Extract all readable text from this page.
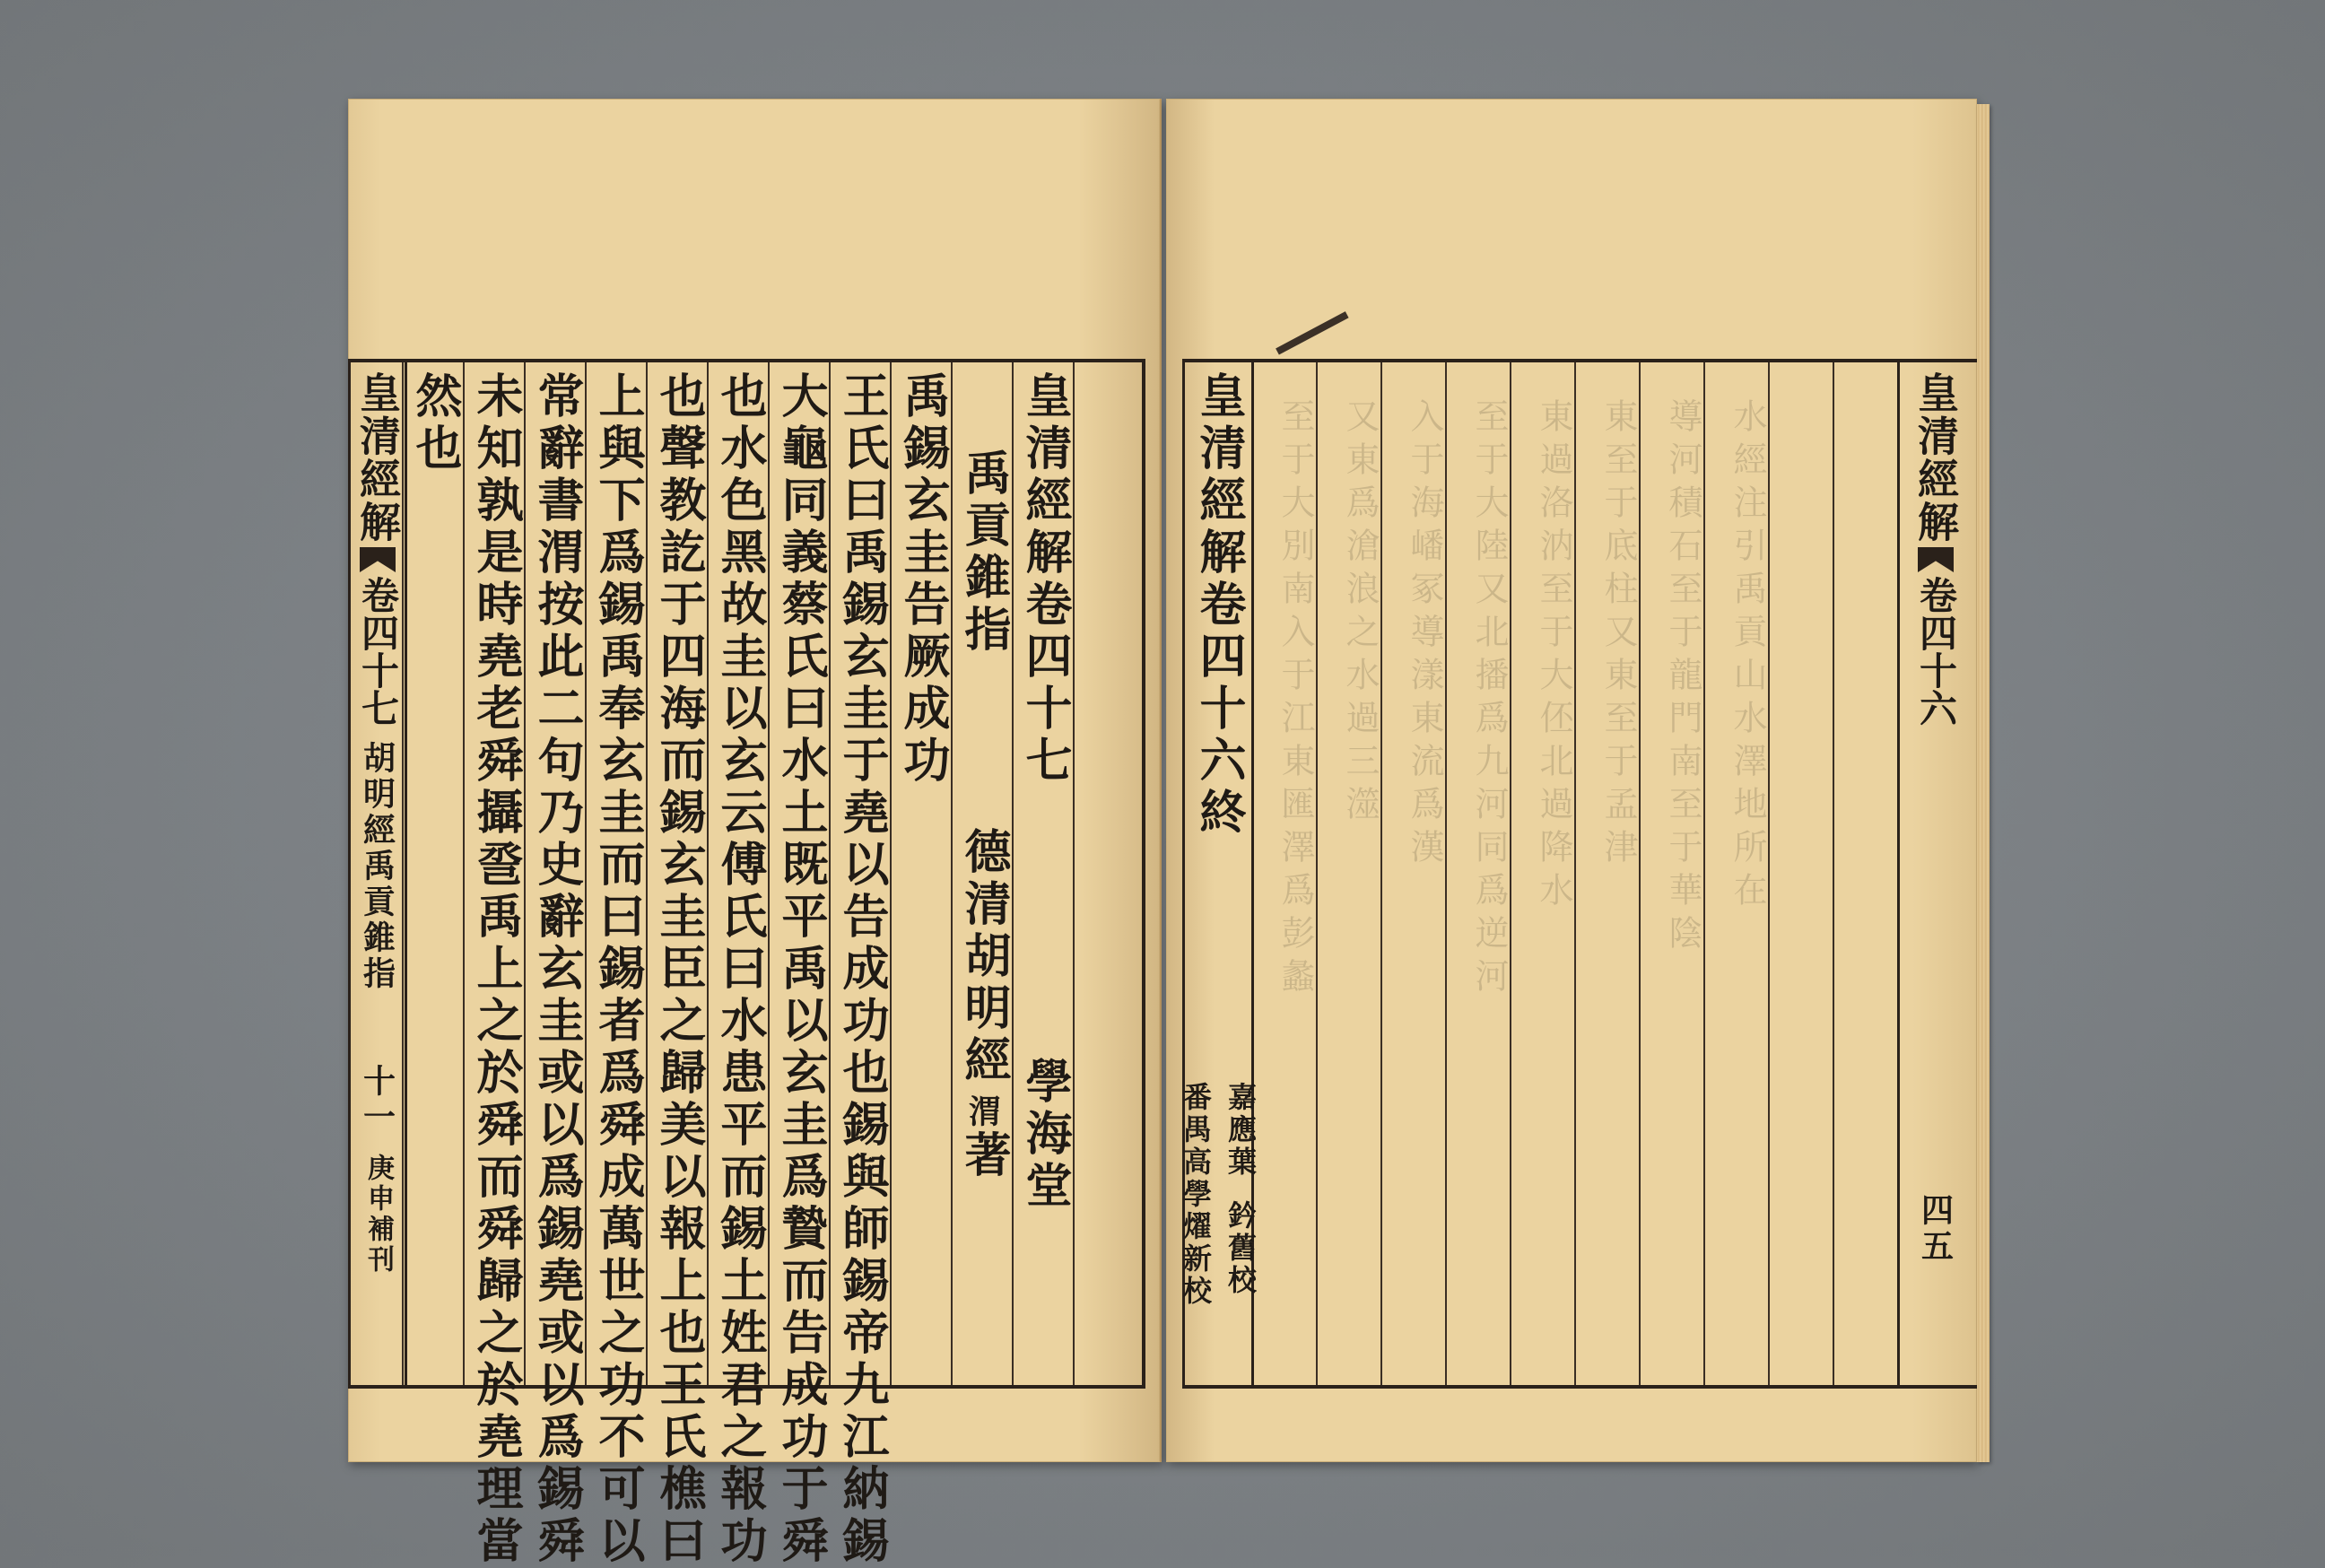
皇清經解
卷四十七
胡明經禹貢錐指
十一
庚申補刊
然也 未知孰是時堯老舜攝巹禹上之於舜而舜歸之於堯理當 常辭書渭按此二句乃史辭玄圭或以爲錫堯或以爲錫舜 上與下爲錫禹奉玄圭而曰錫者爲舜成萬世之功不可以 也聲教訖于四海而錫玄圭臣之歸美以報上也王氏樵曰 也水色黑故圭以玄云傅氏曰水患平而錫土姓君之報功 大龜同義蔡氏曰水土既平禹以玄圭爲贄而告成功于舜 王氏曰禹錫玄圭于堯以告成功也錫與師錫帝九江納錫 禹錫玄圭告厥成功 禹貢錐指
德清胡明經
渭
著
皇清經解卷四十七
學海堂
皇清經解卷四十六終
嘉應
葉
鈐舊校
番禺
高學
燿新校
皇清經解
卷四十六
四五
至于大別南入于江東匯澤爲彭蠡 又東爲滄浪之水過三澨 入于海嶓冢導漾東流爲漢 至于大陸又北播爲九河同爲逆河 東過洛汭至于大伾北過降水 東至于底柱又東至于孟津 導河積石至于龍門南至于華陰 水經注引禹貢山水澤地所在
